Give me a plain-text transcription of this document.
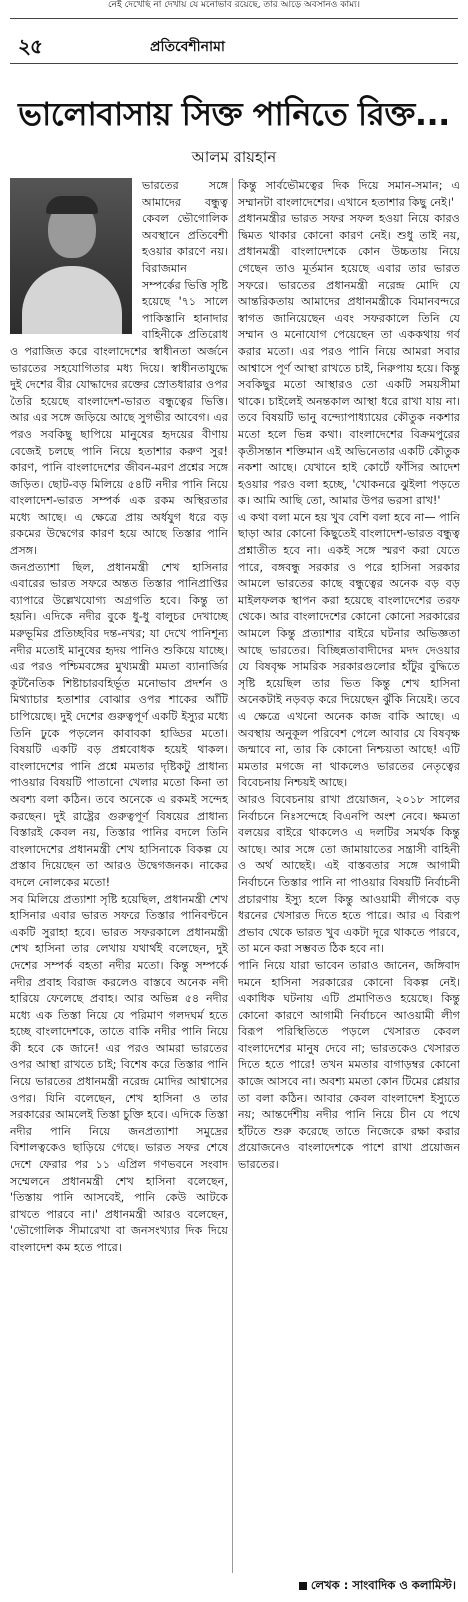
নেই দেখেছি না দেখায় যে মনোভাব রয়েছে, তার আড়ে অবসানও কাম্য।
২৫	প্রতিবেশীনামা
ভালোবাসায় সিক্ত পানিতে রিক্ত...
আলম রায়হান

ভারতের সঙ্গে আমাদের বন্ধুত্ব কেবল ভৌগোলিক অবস্থানে প্রতিবেশী হওয়ার কারণে নয়। বিরাজমান সম্পর্কের ভিত্তি সৃষ্টি হয়েছে '৭১ সালে পাকিস্তানি হানাদার বাহিনীকে প্রতিরোধ ও পরাজিত করে বাংলাদেশের স্বাধীনতা অর্জনে ভারতের সহযোগিতার মধ্য দিয়ে। স্বাধীনতাযুদ্ধে দুই দেশের বীর যোদ্ধাদের রক্তের স্রোতধারার ওপর তৈরি হয়েছে বাংলাদেশ-ভারত বন্ধুত্বের ভিত্তি। আর এর সঙ্গে জড়িয়ে আছে সুগভীর আবেগ। এর পরও সবকিছু ছাপিয়ে মানুষের হৃদয়ের বীণায় বেজেই চলছে পানি নিয়ে হতাশার করুণ সুর! কারণ, পানি বাংলাদেশের জীবন-মরণ প্রশ্নের সঙ্গে জড়িত। ছোট-বড় মিলিয়ে ৫৪টি নদীর পানি নিয়ে বাংলাদেশ-ভারত সম্পর্ক এক রকম অস্থিরতার মধ্যে আছে। এ ক্ষেত্রে প্রায় অর্ধযুগ ধরে বড় রকমের উদ্বেগের কারণ হয়ে আছে তিস্তার পানি প্রসঙ্গ।

জনপ্রত্যাশা ছিল, প্রধানমন্ত্রী শেখ হাসিনার এবারের ভারত সফরে অন্তত তিস্তার পানিপ্রাপ্তির ব্যাপারে উল্লেখযোগ্য অগ্রগতি হবে। কিন্তু তা হয়নি। এদিকে নদীর বুকে ধু-ধু বালুচর দেখাচ্ছে মরুভূমির প্রতিচ্ছবির দন্ত-নখর; যা দেখে পানিশূন্য নদীর মতোই মানুষের হৃদয় পানিও শুকিয়ে যাচ্ছে। এর পরও পশ্চিমবঙ্গের মুখ্যমন্ত্রী মমতা ব্যানার্জির কূটনৈতিক শিষ্টাচারবহির্ভূত মনোভাব প্রদর্শন ও মিথ্যাচার হতাশার বোঝার ওপর শাকের আঁটি চাপিয়েছে। দুই দেশের গুরুত্বপূর্ণ একটি ইস্যুর মধ্যে তিনি ঢুকে পড়লেন কাবাবকা হাড্ডির মতো। বিষয়টি একটি বড় প্রশ্নবোধক হয়েই থাকল। বাংলাদেশের পানি প্রশ্নে মমতার দৃষ্টিকটু প্রাধান্য পাওয়ার বিষয়টি পাতানো খেলার মতো কিনা তা অবশ্য বলা কঠিন। তবে অনেকে এ রকমই সন্দেহ করছেন। দুই রাষ্ট্রের গুরুত্বপূর্ণ বিষয়ের প্রাধান্য বিস্তারই কেবল নয়, তিস্তার পানির বদলে তিনি বাংলাদেশের প্রধানমন্ত্রী শেখ হাসিনাকে বিকল্প যে প্রস্তাব দিয়েছেন তা আরও উদ্বেগজনক। নাকের বদলে নোলকের মতো!

সব মিলিয়ে প্রত্যাশা সৃষ্টি হয়েছিল, প্রধানমন্ত্রী শেখ হাসিনার এবার ভারত সফরে তিস্তার পানিবণ্টনে একটি সুরাহা হবে। ভারত সফরকালে প্রধানমন্ত্রী শেখ হাসিনা তার লেখায় যথার্থই বলেছেন, দুই দেশের সম্পর্ক বহতা নদীর মতো। কিন্তু সম্পর্কে নদীর প্রবাহ বিরাজ করলেও বাস্তবে অনেক নদী হারিয়ে ফেলেছে প্রবাহ। আর অভিন্ন ৫৪ নদীর মধ্যে এক তিস্তা নিয়ে যে পরিমাণ গলদঘর্ম হতে হচ্ছে বাংলাদেশকে, তাতে বাকি নদীর পানি নিয়ে কী হবে কে জানে! এর পরও আমরা ভারতের ওপর আস্থা রাখতে চাই; বিশেষ করে তিস্তার পানি নিয়ে ভারতের প্রধানমন্ত্রী নরেন্দ্র মোদির আশ্বাসের ওপর। যিনি বলেছেন, শেখ হাসিনা ও তার সরকারের আমলেই তিস্তা চুক্তি হবে। এদিকে তিস্তা নদীর পানি নিয়ে জনপ্রত্যাশা সমুদ্রের বিশালত্বকেও ছাড়িয়ে গেছে। ভারত সফর শেষে দেশে ফেরার পর ১১ এপ্রিল গণভবনে সংবাদ সম্মেলনে প্রধানমন্ত্রী শেখ হাসিনা বলেছেন, 'তিস্তায় পানি আসবেই, পানি কেউ আটকে রাখতে পারবে না।' প্রধানমন্ত্রী আরও বলেছেন, 'ভৌগোলিক সীমারেখা বা জনসংখ্যার দিক দিয়ে বাংলাদেশ কম হতে পারে।

কিন্তু সার্বভৌমত্বের দিক দিয়ে সমান-সমান; এ সম্মানটা বাংলাদেশের। এখানে হতাশার কিছু নেই।'

প্রধানমন্ত্রীর ভারত সফর সফল হওয়া নিয়ে কারও দ্বিমত থাকার কোনো কারণ নেই। শুধু তাই নয়, প্রধানমন্ত্রী বাংলাদেশকে কোন উচ্চতায় নিয়ে গেছেন তাও মূর্তমান হয়েছে এবার তার ভারত সফরে। ভারতের প্রধানমন্ত্রী নরেন্দ্র মোদি যে আন্তরিকতায় আমাদের প্রধানমন্ত্রীকে বিমানবন্দরে স্বাগত জানিয়েছেন এবং সফরকালে তিনি যে সম্মান ও মনোযোগ পেয়েছেন তা এককথায় গর্ব করার মতো। এর পরও পানি নিয়ে আমরা সবার আশ্বাসে পূর্ণ আস্থা রাখতে চাই, নিরুপায় হয়ে। কিন্তু সবকিছুর মতো আস্থারও তো একটি সময়সীমা থাকে। চাইলেই অনন্তকাল আস্থা ধরে রাখা যায় না। তবে বিষয়টি ভানু বন্দ্যোপাধ্যায়ের কৌতুক নকশার মতো হলে ভিন্ন কথা। বাংলাদেশের বিক্রমপুরের কৃতীসন্তান শক্তিমান এই অভিনেতার একটি কৌতুক নকশা আছে। যেখানে হাই কোর্টে ফাঁসির আদেশ হওয়ার পরও বলা হচ্ছে, 'খোকনরে ঝুইলা পড়তে ক। আমি আছি তো, আমার উপর ভরসা রাখ!'

এ কথা বলা মনে হয় খুব বেশি বলা হবে না— পানি ছাড়া আর কোনো কিছুতেই বাংলাদেশ-ভারত বন্ধুত্ব প্রশ্নাতীত হবে না। একই সঙ্গে স্মরণ করা যেতে পারে, বঙ্গবন্ধু সরকার ও পরে হাসিনা সরকার আমলে ভারতের কাছে বন্ধুত্বের অনেক বড় বড় মাইলফলক স্থাপন করা হয়েছে বাংলাদেশের তরফ থেকে। আর বাংলাদেশের কোনো কোনো সরকারের আমলে কিন্তু প্রত্যাশার বাইরে ঘটনার অভিজ্ঞতা আছে ভারতের। বিচ্ছিন্নতাবাদীদের মদদ দেওয়ার যে বিষবৃক্ষ সামরিক সরকারগুলোর হাঁটুর বুদ্ধিতে সৃষ্টি হয়েছিল তার ভিত কিন্তু শেখ হাসিনা অনেকটাই নড়বড় করে দিয়েছেন ঝুঁকি নিয়েই। তবে এ ক্ষেত্রে এখনো অনেক কাজ বাকি আছে। এ অবস্থায় অনুকূল পরিবেশ পেলে আবার যে বিষবৃক্ষ জন্মাবে না, তার কি কোনো নিশ্চয়তা আছে! এটি মমতার মগজে না থাকলেও ভারতের নেতৃত্বের বিবেচনায় নিশ্চয়ই আছে।

আরও বিবেচনায় রাখা প্রয়োজন, ২০১৮ সালের নির্বাচনে নিঃসন্দেহে বিএনপি অংশ নেবে। ক্ষমতা বলয়ের বাইরে থাকলেও এ দলটির সমর্থক কিন্তু আছে। আর সঙ্গে তো জামায়াতের সন্ত্রাসী বাহিনী ও অর্থ আছেই। এই বাস্তবতার সঙ্গে আগামী নির্বাচনে তিস্তার পানি না পাওয়ার বিষয়টি নির্বাচনী প্রচারণায় ইস্যু হলে কিন্তু আওয়ামী লীগকে বড় ধরনের খেসারত দিতে হতে পারে। আর এ বিরূপ প্রভাব থেকে ভারত খুব একটা দূরে থাকতে পারবে, তা মনে করা সম্ভবত ঠিক হবে না।

পানি নিয়ে যারা ভাবেন তারাও জানেন, জঙ্গিবাদ দমনে হাসিনা সরকারের কোনো বিকল্প নেই। একাধিক ঘটনায় এটি প্রমাণিতও হয়েছে। কিন্তু কোনো কারণে আগামী নির্বাচনে আওয়ামী লীগ বিরূপ পরিস্থিতিতে পড়লে খেসারত কেবল বাংলাদেশের মানুষ দেবে না; ভারতকেও খেসারত দিতে হতে পারে! তখন মমতার বাগাড়ম্বর কোনো কাজে আসবে না। অবশ্য মমতা কোন টিমের প্লেয়ার তা বলা কঠিন। আবার কেবল বাংলাদেশ ইস্যুতে নয়; আন্তর্দেশীয় নদীর পানি নিয়ে চীন যে পথে হাঁটতে শুরু করেছে তাতে নিজেকে রক্ষা করার প্রয়োজনেও বাংলাদেশকে পাশে রাখা প্রয়োজন ভারতের।

লেখক : সাংবাদিক ও কলামিস্ট।
